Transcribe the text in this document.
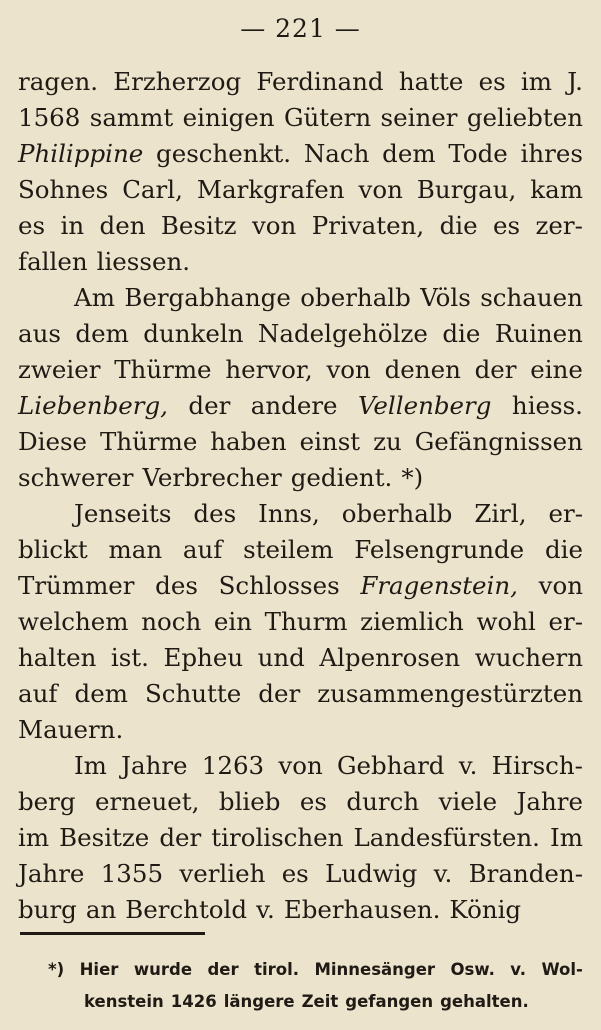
— 221 —
ragen. Erzherzog Ferdinand hatte es im J.
1568 sammt einigen Gütern seiner geliebten
Philippine geschenkt. Nach dem Tode ihres
Sohnes Carl, Markgrafen von Burgau, kam
es in den Besitz von Privaten, die es zer-
fallen liessen.
Am Bergabhange oberhalb Völs schauen
aus dem dunkeln Nadelgehölze die Ruinen
zweier Thürme hervor, von denen der eine
Liebenberg, der andere Vellenberg hiess.
Diese Thürme haben einst zu Gefängnissen
schwerer Verbrecher gedient. *)
Jenseits des Inns, oberhalb Zirl, er-
blickt man auf steilem Felsengrunde die
Trümmer des Schlosses Fragenstein, von
welchem noch ein Thurm ziemlich wohl er-
halten ist. Epheu und Alpenrosen wuchern
auf dem Schutte der zusammengestürzten
Mauern.
Im Jahre 1263 von Gebhard v. Hirsch-
berg erneuet, blieb es durch viele Jahre
im Besitze der tirolischen Landesfürsten. Im
Jahre 1355 verlieh es Ludwig v. Branden-
burg an Berchtold v. Eberhausen. König
*) Hier wurde der tirol. Minnesänger Osw. v. Wol-
kenstein 1426 längere Zeit gefangen gehalten.
